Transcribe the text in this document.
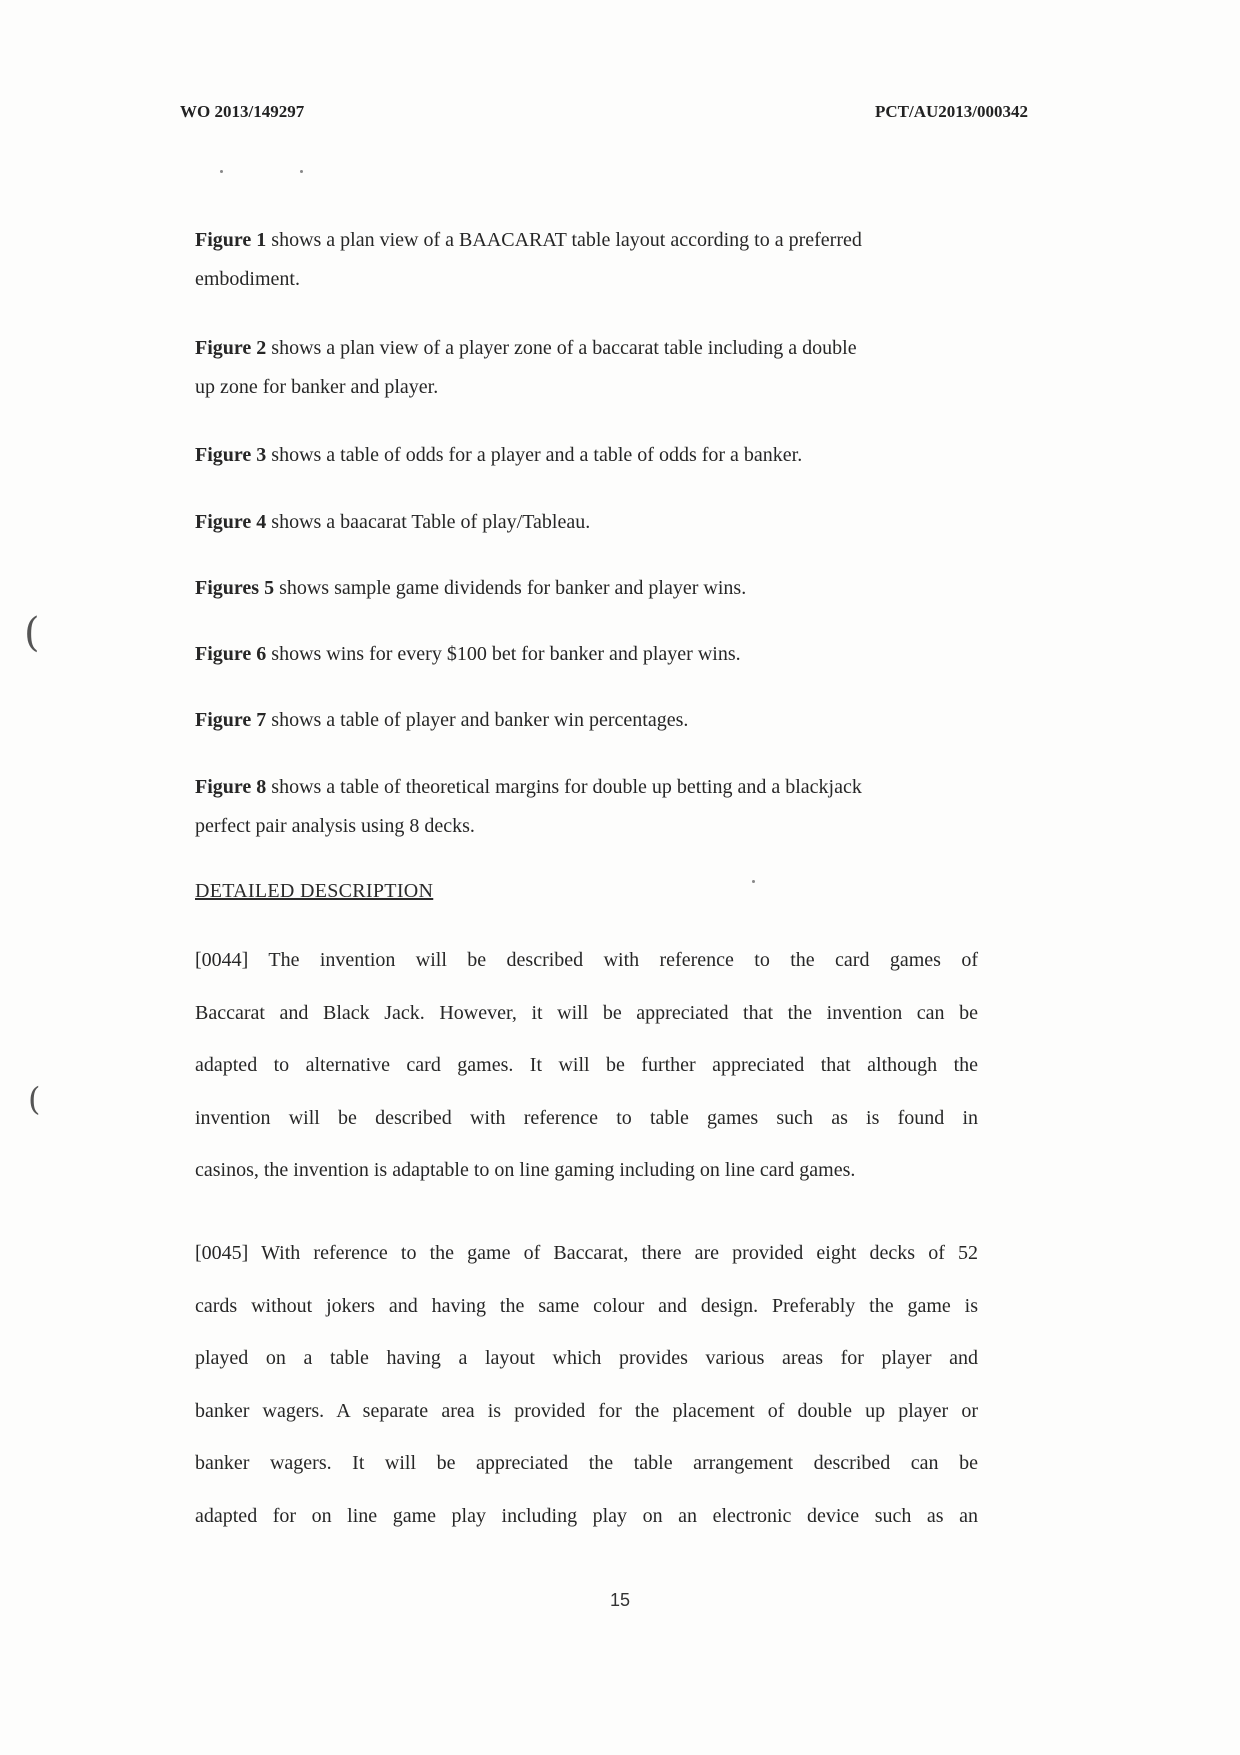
WO 2013/149297	PCT/AU2013/000342
Figure 1 shows a plan view of a BAACARAT table layout according to a preferred
embodiment.
Figure 2 shows a plan view of a player zone of a baccarat table including a double
up zone for banker and player.
Figure 3 shows a table of odds for a player and a table of odds for a banker.
Figure 4 shows a baacarat Table of play/Tableau.
Figures 5 shows sample game dividends for banker and player wins.
Figure 6 shows wins for every $100 bet for banker and player wins.
Figure 7 shows a table of player and banker win percentages.
Figure 8 shows a table of theoretical margins for double up betting and a blackjack
perfect pair analysis using 8 decks.
DETAILED DESCRIPTION
[0044] The invention will be described with reference to the card games of
Baccarat and Black Jack. However, it will be appreciated that the invention can be
adapted to alternative card games. It will be further appreciated that although the
invention will be described with reference to table games such as is found in
casinos, the invention is adaptable to on line gaming including on line card games.
[0045] With reference to the game of Baccarat, there are provided eight decks of 52
cards without jokers and having the same colour and design. Preferably the game is
played on a table having a layout which provides various areas for player and
banker wagers. A separate area is provided for the placement of double up player or
banker wagers. It will be appreciated the table arrangement described can be
adapted for on line game play including play on an electronic device such as an
15
(
(
